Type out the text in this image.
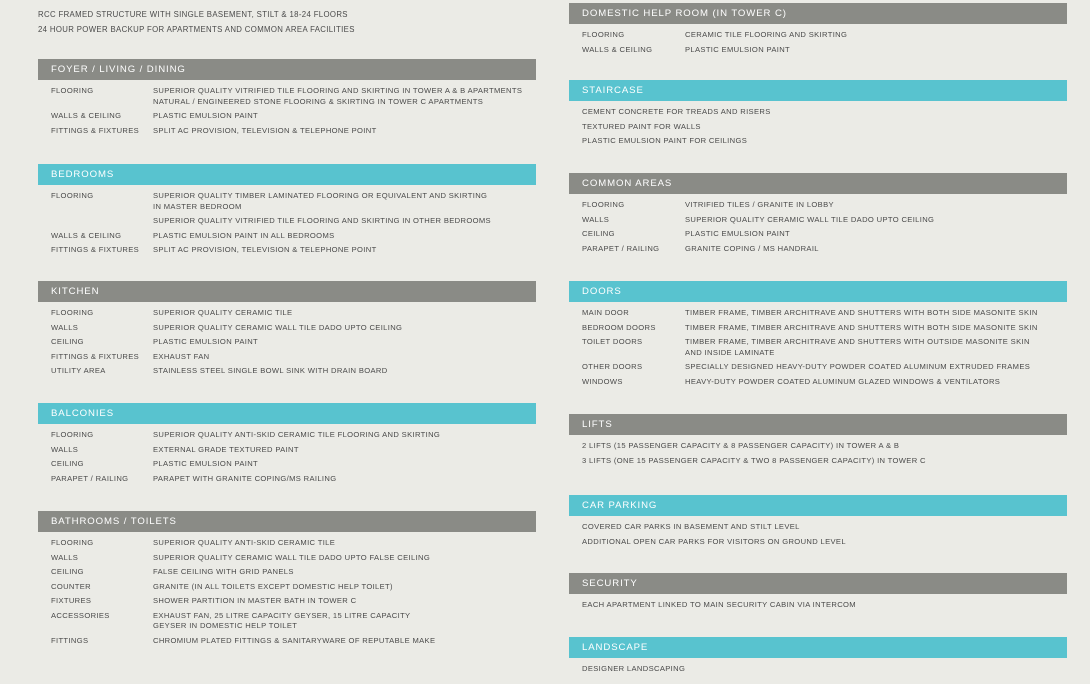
RCC FRAMED STRUCTURE WITH SINGLE BASEMENT, STILT & 18-24 FLOORS
24 HOUR POWER BACKUP FOR APARTMENTS AND COMMON AREA FACILITIES
FOYER / LIVING / DINING
FLOORING	SUPERIOR QUALITY VITRIFIED TILE FLOORING AND SKIRTING IN TOWER A & B APARTMENTS
NATURAL / ENGINEERED STONE FLOORING & SKIRTING IN TOWER C APARTMENTS
WALLS & CEILING	PLASTIC EMULSION PAINT
FITTINGS & FIXTURES	SPLIT AC PROVISION, TELEVISION & TELEPHONE POINT
BEDROOMS
FLOORING	SUPERIOR QUALITY TIMBER LAMINATED FLOORING OR EQUIVALENT AND SKIRTING
IN MASTER BEDROOM
SUPERIOR QUALITY VITRIFIED TILE FLOORING AND SKIRTING IN OTHER BEDROOMS
WALLS & CEILING	PLASTIC EMULSION PAINT IN ALL BEDROOMS
FITTINGS & FIXTURES	SPLIT AC PROVISION, TELEVISION & TELEPHONE POINT
KITCHEN
FLOORING	SUPERIOR QUALITY CERAMIC TILE
WALLS	SUPERIOR QUALITY CERAMIC WALL TILE DADO UPTO CEILING
CEILING	PLASTIC EMULSION PAINT
FITTINGS & FIXTURES	EXHAUST FAN
UTILITY AREA	STAINLESS STEEL SINGLE BOWL SINK WITH DRAIN BOARD
BALCONIES
FLOORING	SUPERIOR QUALITY ANTI-SKID CERAMIC TILE FLOORING AND SKIRTING
WALLS	EXTERNAL GRADE TEXTURED PAINT
CEILING	PLASTIC EMULSION PAINT
PARAPET / RAILING	PARAPET WITH GRANITE COPING/MS RAILING
BATHROOMS / TOILETS
FLOORING	SUPERIOR QUALITY ANTI-SKID CERAMIC TILE
WALLS	SUPERIOR QUALITY CERAMIC WALL TILE DADO UPTO FALSE CEILING
CEILING	FALSE CEILING WITH GRID PANELS
COUNTER	GRANITE (IN ALL TOILETS EXCEPT DOMESTIC HELP TOILET)
FIXTURES	SHOWER PARTITION IN MASTER BATH IN TOWER C
ACCESSORIES	EXHAUST FAN, 25 LITRE CAPACITY GEYSER, 15 LITRE CAPACITY
GEYSER IN DOMESTIC HELP TOILET
FITTINGS	CHROMIUM PLATED FITTINGS & SANITARYWARE OF REPUTABLE MAKE
DOMESTIC HELP ROOM (IN TOWER C)
FLOORING	CERAMIC TILE FLOORING AND SKIRTING
WALLS & CEILING	PLASTIC EMULSION PAINT
STAIRCASE
CEMENT CONCRETE FOR TREADS AND RISERS
TEXTURED PAINT FOR WALLS
PLASTIC EMULSION PAINT FOR CEILINGS
COMMON AREAS
FLOORING	VITRIFIED TILES / GRANITE IN LOBBY
WALLS	SUPERIOR QUALITY CERAMIC WALL TILE DADO UPTO CEILING
CEILING	PLASTIC EMULSION PAINT
PARAPET / RAILING	GRANITE COPING / MS HANDRAIL
DOORS
MAIN DOOR	TIMBER FRAME, TIMBER ARCHITRAVE AND SHUTTERS WITH BOTH SIDE MASONITE SKIN
BEDROOM DOORS	TIMBER FRAME, TIMBER ARCHITRAVE AND SHUTTERS WITH BOTH SIDE MASONITE SKIN
TOILET DOORS	TIMBER FRAME, TIMBER ARCHITRAVE AND SHUTTERS WITH OUTSIDE MASONITE SKIN
AND INSIDE LAMINATE
OTHER DOORS	SPECIALLY DESIGNED HEAVY-DUTY POWDER COATED ALUMINUM EXTRUDED FRAMES
WINDOWS	HEAVY-DUTY POWDER COATED ALUMINUM GLAZED WINDOWS & VENTILATORS
LIFTS
2 LIFTS (15 PASSENGER CAPACITY & 8 PASSENGER CAPACITY) IN TOWER A & B
3 LIFTS (ONE 15 PASSENGER CAPACITY & TWO 8 PASSENGER CAPACITY) IN TOWER C
CAR PARKING
COVERED CAR PARKS IN BASEMENT AND STILT LEVEL
ADDITIONAL OPEN CAR PARKS FOR VISITORS ON GROUND LEVEL
SECURITY
EACH APARTMENT LINKED TO MAIN SECURITY CABIN VIA INTERCOM
LANDSCAPE
DESIGNER LANDSCAPING
